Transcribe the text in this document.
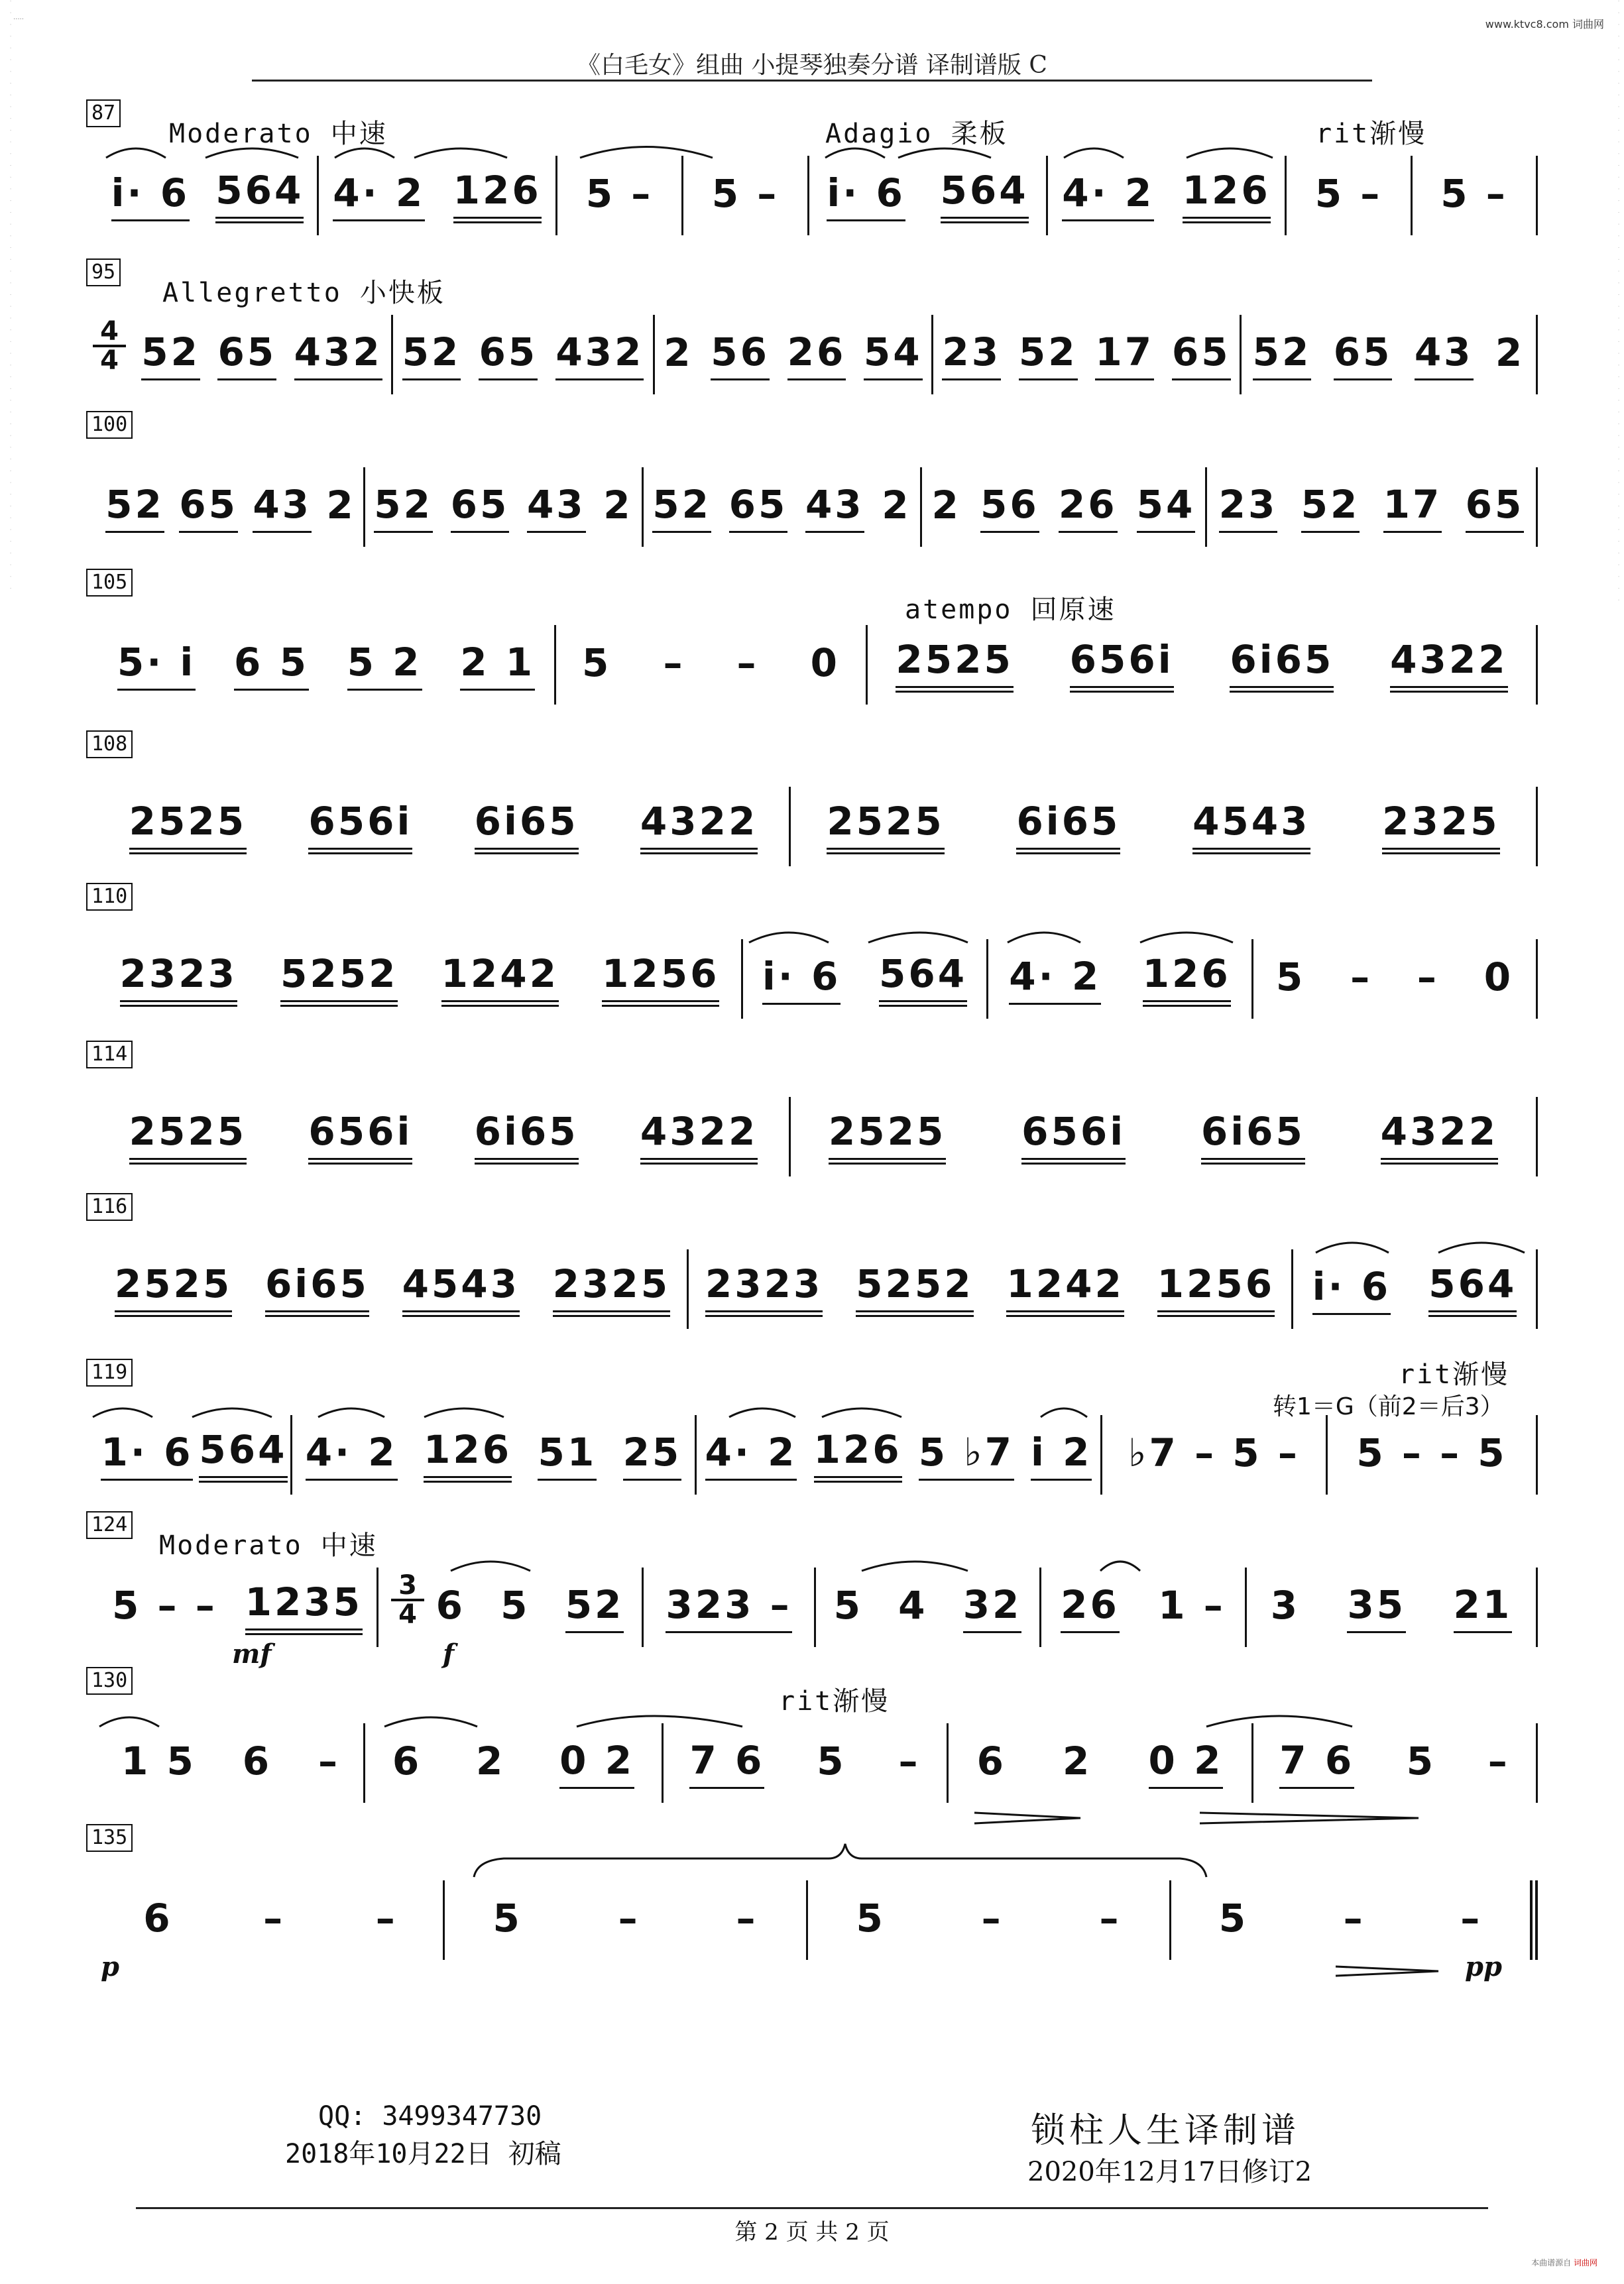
·····	www.ktvc8.com 词曲网
《白毛女》组曲 小提琴独奏分谱 译制谱版 C
· · · · · · · · · · · · · · · · · · · · · · · · · · · · · · · · · · · · · · · · · · · · · · · · · · ·	· · · · · · · · · · · · · · · · · · · · · · · · · · · · · · · · · · · · · · · · · · · · · · · · · · · ·
87
Moderato 中速	Adagio 柔板	rit渐慢
i· 6 564 4· 2 126 5 – 5 – i· 6 564 4· 2 126 5 – 5 –
95
Allegretto 小快板
4
4 52 65 432 52 65 432 2 56 26 54 23 52 17 65 52 65 43 2
100
52 65 43 2 52 65 43 2 52 65 43 2 2 56 26 54 23 52 17 65
105
atempo 回原速
5· i 6 5 5 2 2 1 5 – – 0 2525 656i 6i65 4322
108
2525 656i 6i65 4322 2525 6i65 4543 2325
110
2323 5252 1242 1256 i· 6 564 4· 2 126 5 – – 0
114
2525 656i 6i65 4322 2525 656i 6i65 4322
116
2525 6i65 4543 2325 2323 5252 1242 1256 i· 6 564
119	rit渐慢
转1＝G（前2＝后3）
1· 6 564 4· 2 126 51 25 4· 2 126 5 ♭7 i 2 ♭7 – 5 – 5 – – 5
124
Moderato 中速
3
4
mf	f
5 – – 1235 6 5 52 323 – 5 4 32 26 1 – 3 35 21
130
rit渐慢
1 5 6 – 6 2 0 2 7 6 5 – 6 2 0 2 7 6 5 –
135
p	pp
6 – – 5 – –	5 – –	5 – –
QQ: 3499347730
2018年10月22日 初稿
锁柱人生译制谱
2020年12月17日修订2
第 2 页 共 2 页
本曲谱源自 词曲网
